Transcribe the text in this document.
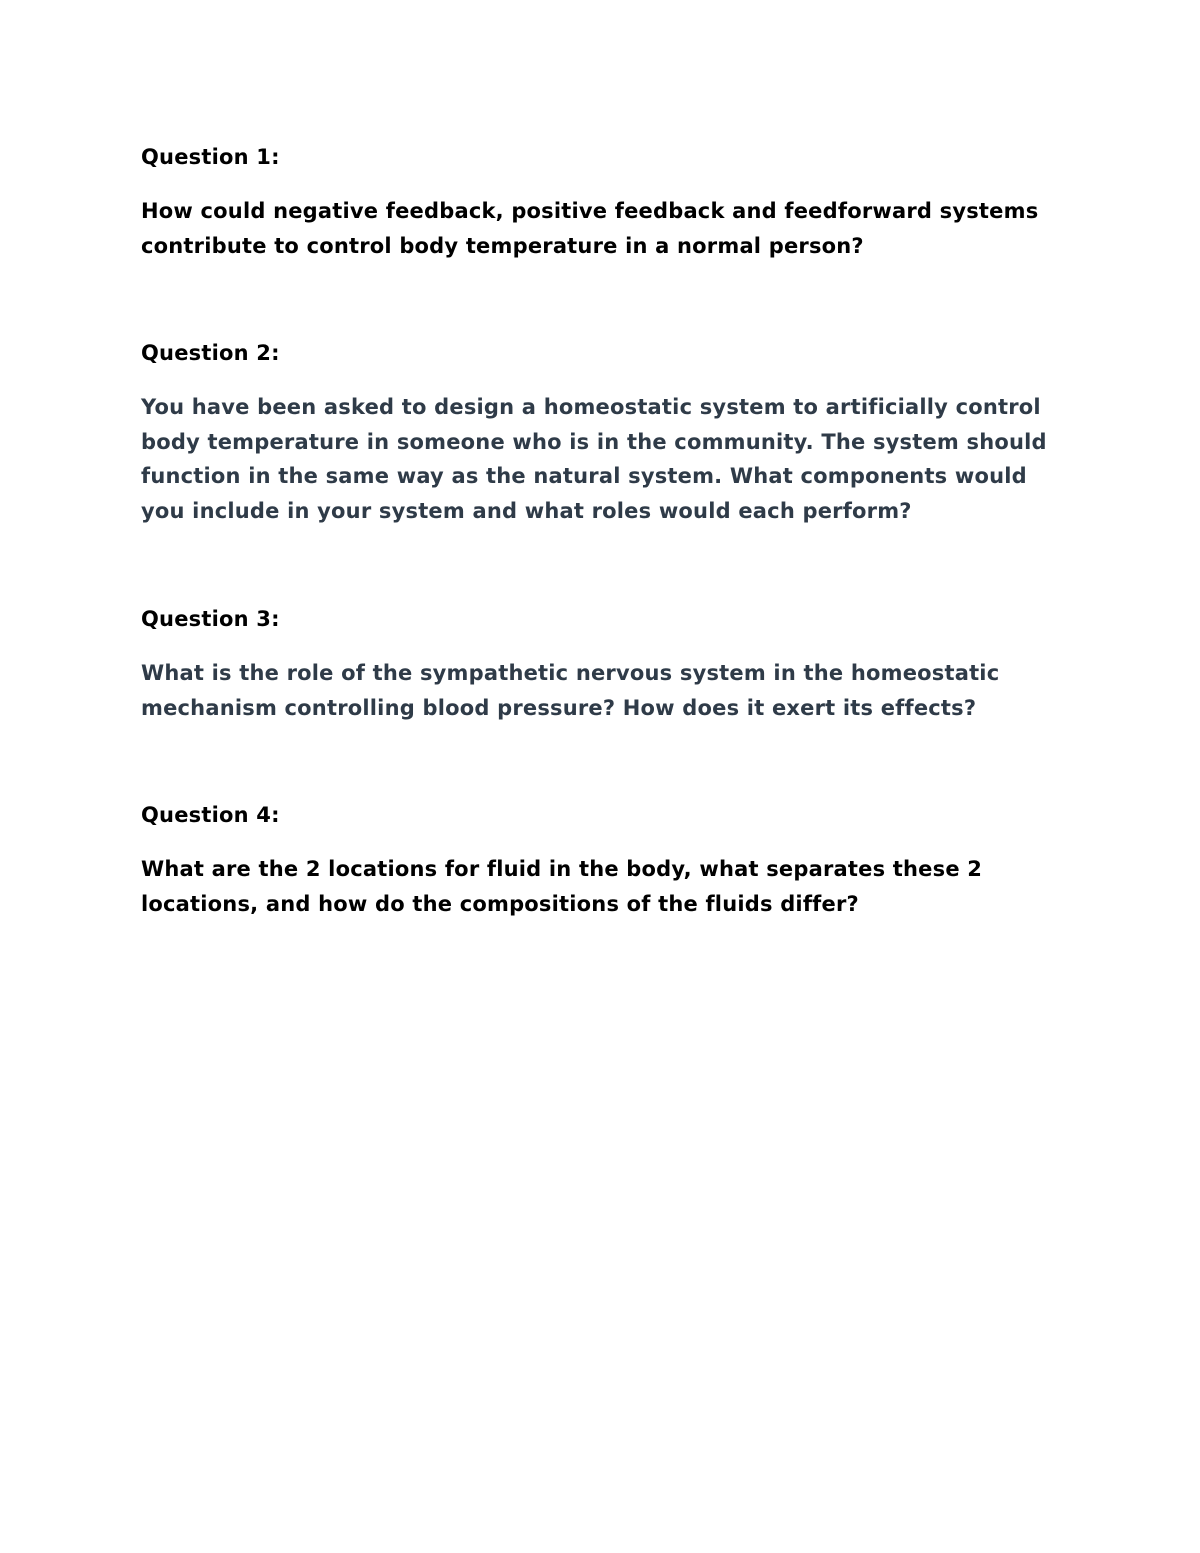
Question 1:

How could negative feedback, positive feedback and feedforward systems contribute to control body temperature in a normal person?

Question 2:

You have been asked to design a homeostatic system to artificially control body temperature in someone who is in the community. The system should function in the same way as the natural system. What components would you include in your system and what roles would each perform?

Question 3:

What is the role of the sympathetic nervous system in the homeostatic mechanism controlling blood pressure? How does it exert its effects?

Question 4:

What are the 2 locations for fluid in the body, what separates these 2 locations, and how do the compositions of the fluids differ?
